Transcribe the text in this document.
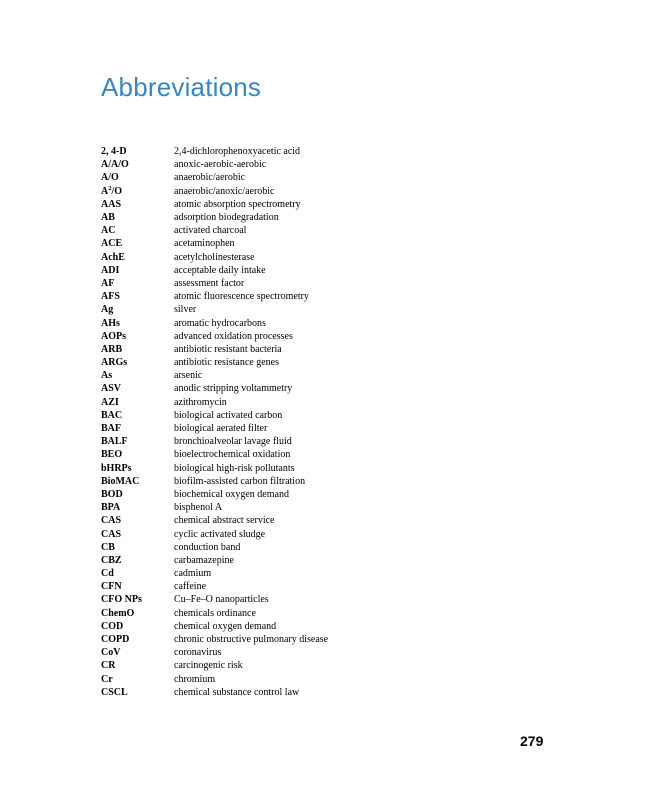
Abbreviations
2, 4-D	2,4-dichlorophenoxyacetic acid
A/A/O	anoxic-aerobic-aerobic
A/O	anaerobic/aerobic
$A^2/O$	anaerobic/anoxic/aerobic
AAS	atomic absorption spectrometry
AB	adsorption biodegradation
AC	activated charcoal
ACE	acetaminophen
AchE	acetylcholinesterase
ADI	acceptable daily intake
AF	assessment factor
AFS	atomic fluorescence spectrometry
Ag	silver
AHs	aromatic hydrocarbons
AOPs	advanced oxidation processes
ARB	antibiotic resistant bacteria
ARGs	antibiotic resistance genes
As	arsenic
ASV	anodic stripping voltammetry
AZI	azithromycin
BAC	biological activated carbon
BAF	biological aerated filter
BALF	bronchioalveolar lavage fluid
BEO	bioelectrochemical oxidation
bHRPs	biological high-risk pollutants
BioMAC	biofilm-assisted carbon filtration
BOD	biochemical oxygen demand
BPA	bisphenol A
CAS	chemical abstract service
CAS	cyclic activated sludge
CB	conduction band
CBZ	carbamazepine
Cd	cadmium
CFN	caffeine
CFO NPs	Cu–Fe–O nanoparticles
ChemO	chemicals ordinance
COD	chemical oxygen demand
COPD	chronic obstructive pulmonary disease
CoV	coronavirus
CR	carcinogenic risk
Cr	chromium
CSCL	chemical substance control law
279
